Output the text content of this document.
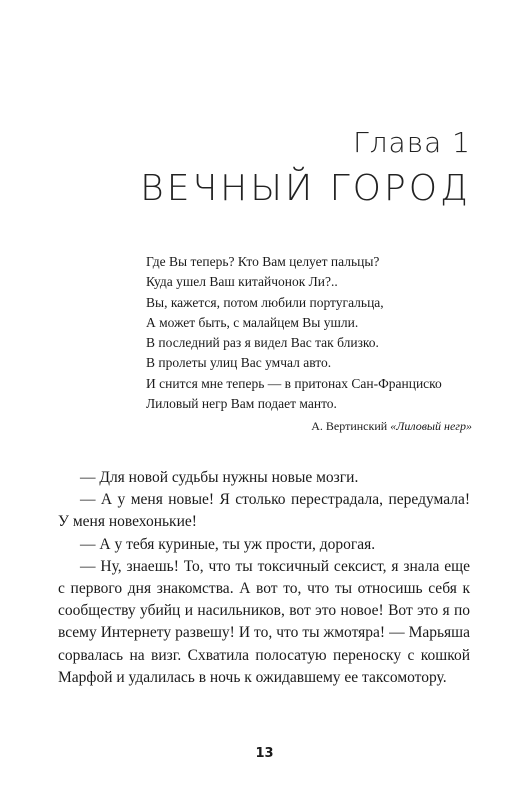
Глава 1
ВЕЧНЫЙ ГОРОД
Где Вы теперь? Кто Вам целует пальцы?
Куда ушел Ваш китайчонок Ли?..
Вы, кажется, потом любили португальца,
А может быть, с малайцем Вы ушли.
В последний раз я видел Вас так близко.
В пролеты улиц Вас умчал авто.
И снится мне теперь — в притонах Сан-Франциско
Лиловый негр Вам подает манто.
А. Вертинский «Лиловый негр»

— Для новой судьбы нужны новые мозги.

— А у меня новые! Я столько перестрадала, передумала! У меня новехонькие!

— А у тебя куриные, ты уж прости, дорогая.

— Ну, знаешь! То, что ты токсичный сексист, я знала еще с первого дня знакомства. А вот то, что ты относишь себя к сообществу убийц и насильников, вот это новое! Вот это я по всему Интернету развешу! И то, что ты жмотяра! — Марьяша сорвалась на визг. Схватила полосатую переноску с кошкой Марфой и удалилась в ночь к ожидавшему ее таксомотору.

13
